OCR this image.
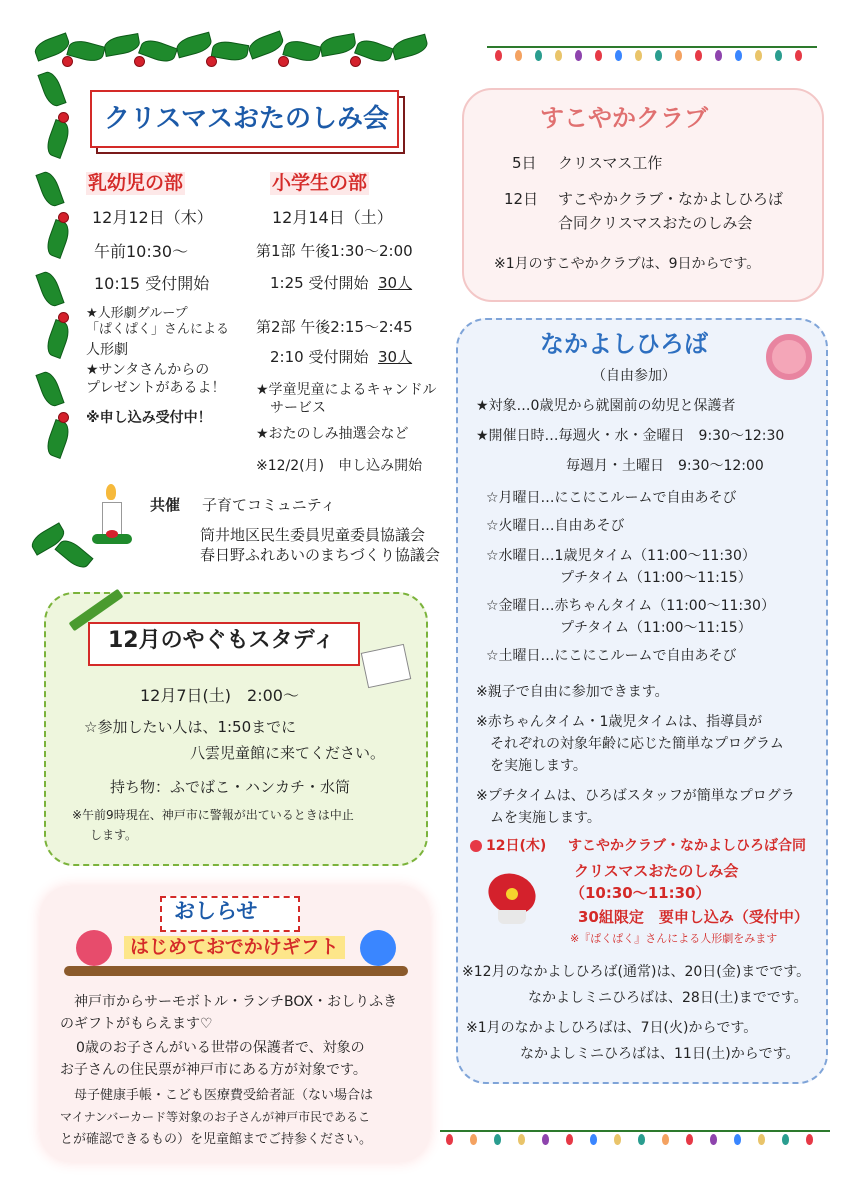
クリスマスおたのしみ会
乳幼児の部
12月12日（木）
午前10:30～
10:15 受付開始
★人形劇グループ
「ぱくぱく」さんによる
人形劇
★サンタさんからの
プレゼントがあるよ！
※申し込み受付中！
小学生の部
12月14日（土）
第1部 午後1:30～2:00
1:25 受付開始 30人
第2部 午後2:15～2:45
2:10 受付開始 30人
★学童児童によるキャンドル
サービス
★おたのしみ抽選会など
※12/2(月)　申し込み開始
共催 子育てコミュニティ
筒井地区民生委員児童委員協議会
春日野ふれあいのまちづくり協議会
12月のやぐもスタディ
12月7日(土)　2:00～
☆参加したい人は、1:50までに
八雲児童館に来てください。
持ち物：ふでばこ・ハンカチ・水筒
※午前9時現在、神戸市に警報が出ているときは中止
します。
おしらせ
はじめておでかけギフト
神戸市からサーモボトル・ランチBOX・おしりふき
のギフトがもらえます♡
0歳のお子さんがいる世帯の保護者で、対象の
お子さんの住民票が神戸市にある方が対象です。
母子健康手帳・こども医療費受給者証（ない場合は
マイナンバーカード等対象のお子さんが神戸市民であるこ
とが確認できるもの）を児童館までご持参ください。
すこやかクラブ
5日 クリスマス工作
12日 すこやかクラブ・なかよしひろば
合同クリスマスおたのしみ会
※1月のすこやかクラブは、9日からです。
なかよしひろば
（自由参加）
★対象…0歳児から就園前の幼児と保護者
★開催日時…毎週火・水・金曜日　9:30～12:30
毎週月・土曜日　9:30～12:00
☆月曜日…にこにこルームで自由あそび
☆火曜日…自由あそび
☆水曜日…1歳児タイム（11:00～11:30）
プチタイム（11:00～11:15）
☆金曜日…赤ちゃんタイム（11:00～11:30）
プチタイム（11:00～11:15）
☆土曜日…にこにこルームで自由あそび
※親子で自由に参加できます。
※赤ちゃんタイム・1歳児タイムは、指導員が
それぞれの対象年齢に応じた簡単なプログラム
を実施します。
※プチタイムは、ひろばスタッフが簡単なプログラ
ムを実施します。
12日(木) すこやかクラブ・なかよしひろば合同
クリスマスおたのしみ会
（10:30～11:30）
30組限定　要申し込み（受付中）
※『ぱくぱく』さんによる人形劇をみます
※12月のなかよしひろば(通常)は、20日(金)までです。
なかよしミニひろばは、28日(土)までです。
※1月のなかよしひろばは、7日(火)からです。
なかよしミニひろばは、11日(土)からです。
